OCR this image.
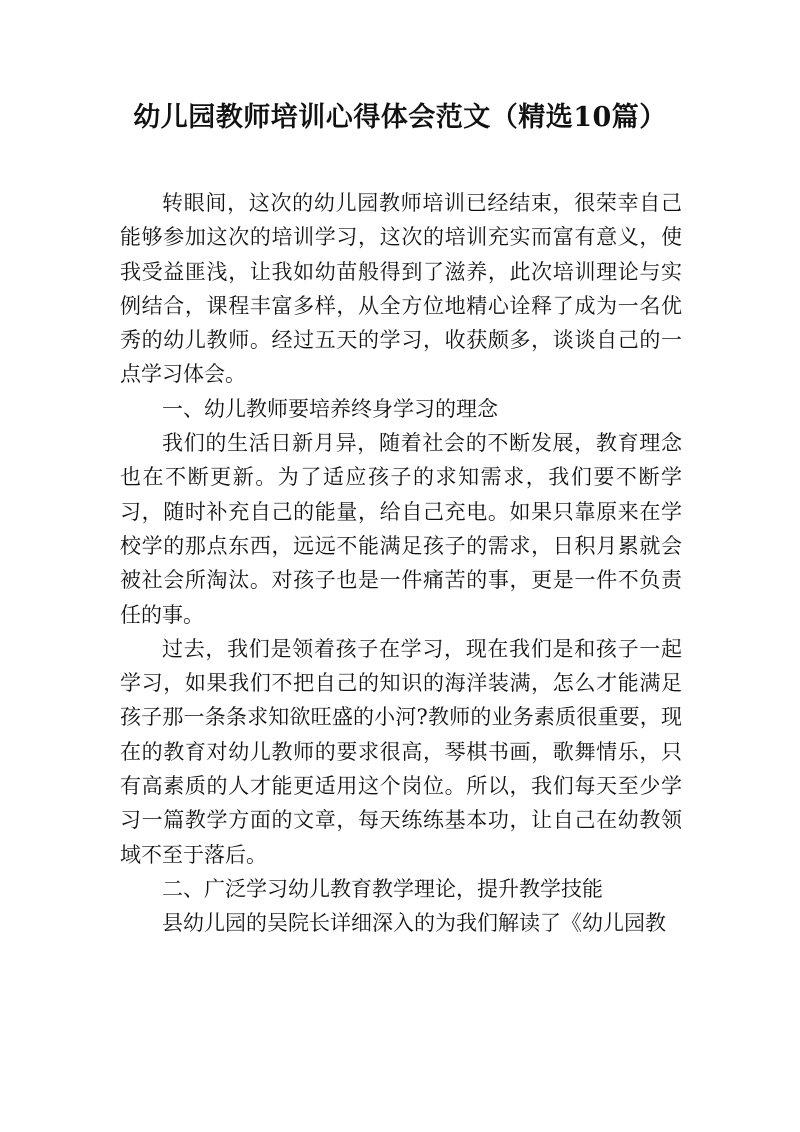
幼儿园教师培训心得体会范文（精选10篇）

转眼间，这次的幼儿园教师培训已经结束，很荣幸自己能够参加这次的培训学习，这次的培训充实而富有意义，使我受益匪浅，让我如幼苗般得到了滋养，此次培训理论与实例结合，课程丰富多样，从全方位地精心诠释了成为一名优秀的幼儿教师。经过五天的学习，收获颇多，谈谈自己的一点学习体会。

一、幼儿教师要培养终身学习的理念

我们的生活日新月异，随着社会的不断发展，教育理念也在不断更新。为了适应孩子的求知需求，我们要不断学习，随时补充自己的能量，给自己充电。如果只靠原来在学校学的那点东西，远远不能满足孩子的需求，日积月累就会被社会所淘汰。对孩子也是一件痛苦的事，更是一件不负责任的事。

过去，我们是领着孩子在学习，现在我们是和孩子一起学习，如果我们不把自己的知识的海洋装满，怎么才能满足孩子那一条条求知欲旺盛的小河?教师的业务素质很重要，现在的教育对幼儿教师的要求很高，琴棋书画，歌舞情乐，只有高素质的人才能更适用这个岗位。所以，我们每天至少学习一篇教学方面的文章，每天练练基本功，让自己在幼教领域不至于落后。

二、广泛学习幼儿教育教学理论，提升教学技能

县幼儿园的吴院长详细深入的为我们解读了《幼儿园教
